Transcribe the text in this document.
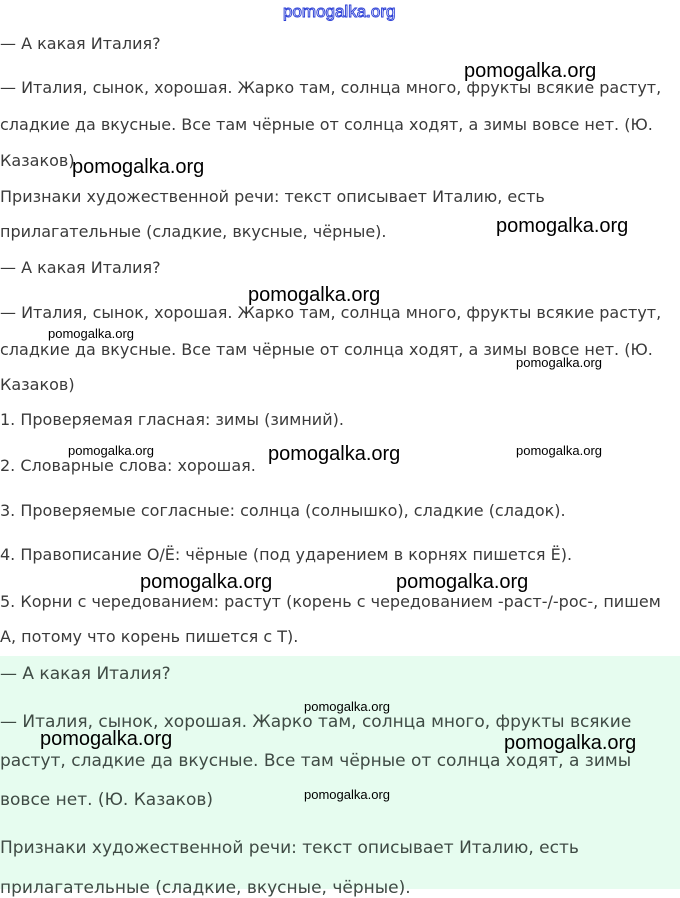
— А какая Италия?
— Италия, сынок, хорошая. Жарко там, солнца много, фрукты всякие
растут, сладкие да вкусные. Все там чёрные от солнца ходят, а зимы
вовсе нет. (Ю. Казаков)
Признаки художественной речи: текст описывает Италию, есть
прилагательные (сладкие, вкусные, чёрные).
— А какая Италия?
— Италия, сынок, хорошая. Жарко там, солнца много, фрукты всякие растут,
сладкие да вкусные. Все там чёрные от солнца ходят, а зимы вовсе нет. (Ю.
Казаков)
Признаки художественной речи: текст описывает Италию, есть
прилагательные (сладкие, вкусные, чёрные).
— А какая Италия?
— Италия, сынок, хорошая. Жарко там, солнца много, фрукты всякие растут,
сладкие да вкусные. Все там чёрные от солнца ходят, а зимы вовсе нет. (Ю.
Казаков)
1. Проверяемая гласная: зимы (зимний).
2. Словарные слова: хорошая.
3. Проверяемые согласные: солнца (солнышко), сладкие (сладок).
4. Правописание О/Ё: чёрные (под ударением в корнях пишется Ё).
5. Корни с чередованием: растут (корень с чередованием -раст-/-рос-, пишем
А, потому что корень пишется с Т).
pomogalka.org
pomogalka.org
pomogalka.org
pomogalka.org
pomogalka.org
pomogalka.org
pomogalka.org
pomogalka.org	pomogalka.org	pomogalka.org
pomogalka.org	pomogalka.org
pomogalka.org
pomogalka.org	pomogalka.org
pomogalka.org
